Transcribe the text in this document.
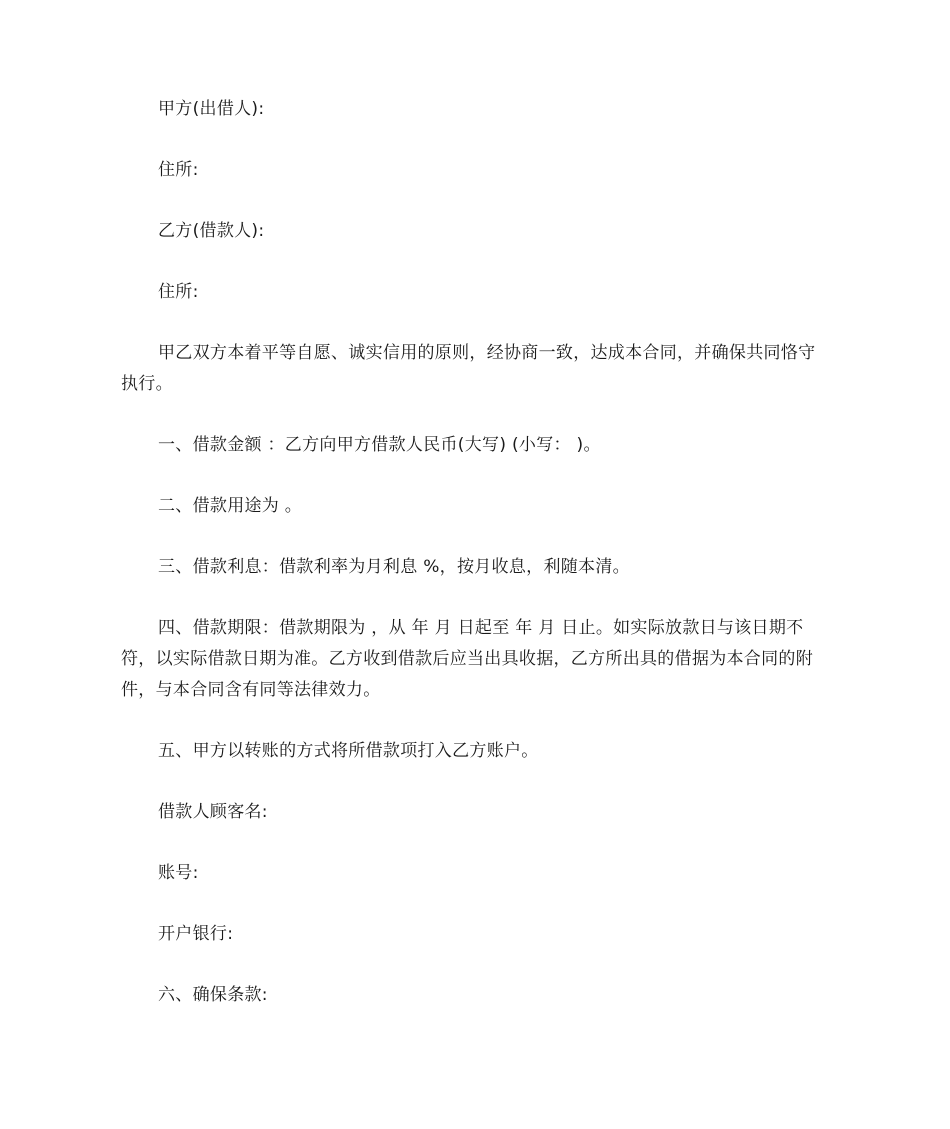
甲方(出借人):

住所:

乙方(借款人):

住所:

甲乙双方本着平等自愿、诚实信用的原则，经协商一致，达成本合同，并确保共同恪守执行。

一、借款金额 ：乙方向甲方借款人民币(大写) (小写： )。

二、借款用途为 。

三、借款利息：借款利率为月利息 %，按月收息，利随本清。

四、借款期限：借款期限为 ，从 年 月 日起至 年 月 日止。如实际放款日与该日期不符，以实际借款日期为准。乙方收到借款后应当出具收据，乙方所出具的借据为本合同的附件，与本合同含有同等法律效力。

五、甲方以转账的方式将所借款项打入乙方账户。

借款人顾客名:

账号:

开户银行:

六、确保条款:
